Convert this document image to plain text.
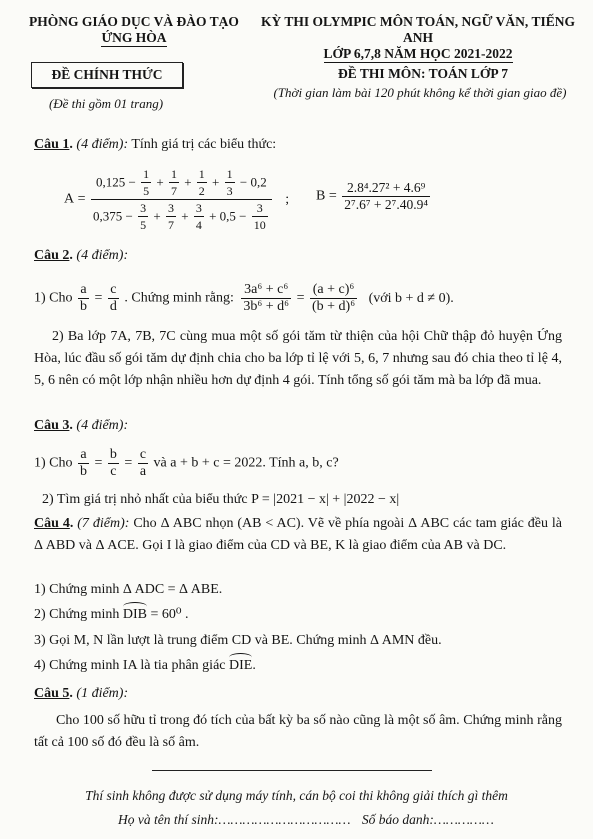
PHÒNG GIÁO DỤC VÀ ĐÀO TẠO
ỨNG HÒA
KỲ THI OLYMPIC MÔN TOÁN, NGỮ VĂN, TIẾNG ANH
LỚP 6,7,8 NĂM HỌC 2021-2022
ĐỀ CHÍNH THỨC
(Đề thi gồm 01 trang)
ĐỀ THI MÔN: TOÁN LỚP 7
(Thời gian làm bài 120 phút không kể thời gian giao đề)
Câu 1. (4 điểm): Tính giá trị các biểu thức:
A =
$0,125 - \frac{1}{5} + \frac{1}{7} + \frac{1}{2} + \frac{1}{3} - 0,2$
$0,375 - \frac{3}{5} + \frac{3}{7} + \frac{3}{4} + 0,5 - \frac{3}{10}$
; $B = \frac{\text{2.8⁴.27² + 4.6⁹}}{\text{2⁷.6⁷ + 2⁷.40.9⁴}}$
Câu 2. (4 điểm):
1) Cho $\frac{a}{b} = \frac{c}{d}$ . Chứng minh rằng: $\frac{\text{3a⁶ + c⁶}}{\text{3b⁶ + d⁶}} = \frac{\text{(a + c)⁶}}{\text{(b + d)⁶}}$ (với b + d ≠ 0).
2) Ba lớp 7A, 7B, 7C cùng mua một số gói tăm từ thiện của hội Chữ thập đỏ huyện Ứng Hòa, lúc đầu số gói tăm dự định chia cho ba lớp tỉ lệ với 5, 6, 7 nhưng sau đó chia theo tỉ lệ 4, 5, 6 nên có một lớp nhận nhiều hơn dự định 4 gói. Tính tổng số gói tăm mà ba lớp đã mua.
Câu 3. (4 điểm):
1) Cho $\frac{a}{b} = \frac{b}{c} = \frac{c}{a}$ và a + b + c = 2022. Tính a, b, c?
2) Tìm giá trị nhỏ nhất của biểu thức P = |2021 − x| + |2022 − x|
Câu 4. (7 điểm): Cho Δ ABC nhọn (AB < AC). Vẽ về phía ngoài Δ ABC các tam giác đều là Δ ABD và Δ ACE. Gọi I là giao điểm của CD và BE, K là giao điểm của AB và DC.
1) Chứng minh Δ ADC = Δ ABE.
2) Chứng minh DIB = 60⁰ .
3) Gọi M, N lần lượt là trung điểm CD và BE. Chứng minh Δ AMN đều.
4) Chứng minh IA là tia phân giác DIE.
Câu 5. (1 điểm):
Cho 100 số hữu tỉ trong đó tích của bất kỳ ba số nào cũng là một số âm. Chứng minh rằng tất cả 100 số đó đều là số âm.
Thí sinh không được sử dụng máy tính, cán bộ coi thi không giải thích gì thêm
Họ và tên thí sinh:…………………………… Số báo danh:……………
